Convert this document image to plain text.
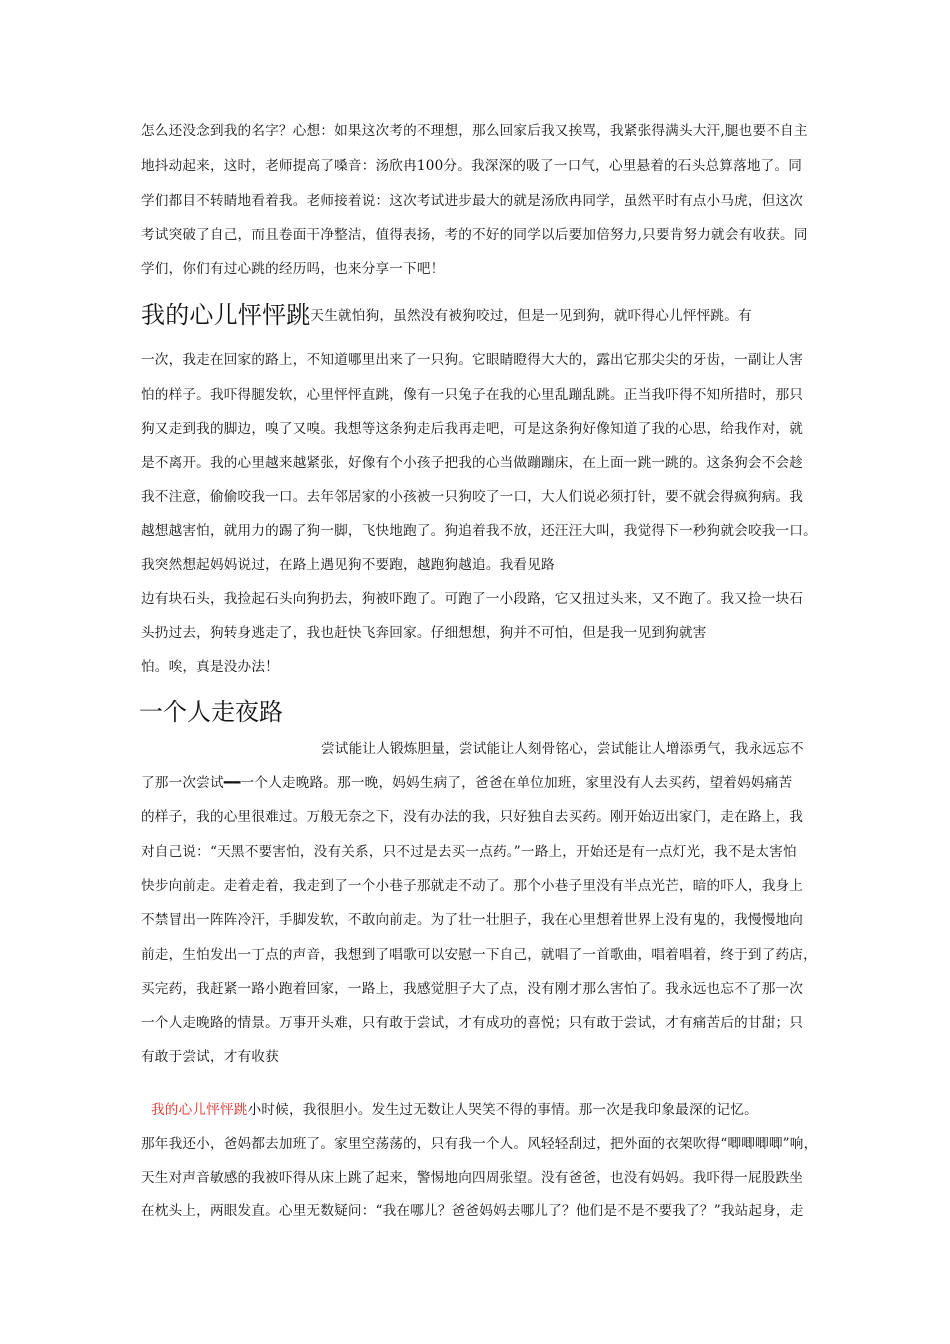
怎么还没念到我的名字？心想：如果这次考的不理想，那么回家后我又挨骂，我紧张得满头大汗,腿也要不自主
地抖动起来，这时，老师提高了嗓音：汤欣冉100分。我深深的吸了一口气，心里悬着的石头总算落地了。同
学们都目不转睛地看着我。老师接着说：这次考试进步最大的就是汤欣冉同学，虽然平时有点小马虎，但这次
考试突破了自己，而且卷面干净整洁，值得表扬，考的不好的同学以后要加倍努力,只要肯努力就会有收获。同
学们，你们有过心跳的经历吗，也来分享一下吧！
我的心儿怦怦跳天生就怕狗，虽然没有被狗咬过，但是一见到狗，就吓得心儿怦怦跳。有
一次，我走在回家的路上，不知道哪里出来了一只狗。它眼睛瞪得大大的，露出它那尖尖的牙齿，一副让人害
怕的样子。我吓得腿发软，心里怦怦直跳，像有一只兔子在我的心里乱蹦乱跳。正当我吓得不知所措时，那只
狗又走到我的脚边，嗅了又嗅。我想等这条狗走后我再走吧，可是这条狗好像知道了我的心思，给我作对，就
是不离开。我的心里越来越紧张，好像有个小孩子把我的心当做蹦蹦床，在上面一跳一跳的。这条狗会不会趁
我不注意，偷偷咬我一口。去年邻居家的小孩被一只狗咬了一口，大人们说必须打针，要不就会得疯狗病。我
越想越害怕，就用力的踢了狗一脚，飞快地跑了。狗追着我不放，还汪汪大叫，我觉得下一秒狗就会咬我一口。
我突然想起妈妈说过，在路上遇见狗不要跑，越跑狗越追。我看见路
边有块石头，我捡起石头向狗扔去，狗被吓跑了。可跑了一小段路，它又扭过头来，又不跑了。我又捡一块石
头扔过去，狗转身逃走了，我也赶快飞奔回家。仔细想想，狗并不可怕，但是我一见到狗就害
怕。唉，真是没办法！
一个人走夜路
尝试能让人锻炼胆量，尝试能让人刻骨铭心，尝试能让人增添勇气，我永远忘不
了那一次尝试━━一个人走晚路。那一晚，妈妈生病了，爸爸在单位加班，家里没有人去买药，望着妈妈痛苦
的样子，我的心里很难过。万般无奈之下，没有办法的我，只好独自去买药。刚开始迈出家门，走在路上，我
对自己说：“天黑不要害怕，没有关系，只不过是去买一点药。”一路上，开始还是有一点灯光，我不是太害怕
快步向前走。走着走着，我走到了一个小巷子那就走不动了。那个小巷子里没有半点光芒，暗的吓人，我身上
不禁冒出一阵阵冷汗，手脚发软，不敢向前走。为了壮一壮胆子，我在心里想着世界上没有鬼的，我慢慢地向
前走，生怕发出一丁点的声音，我想到了唱歌可以安慰一下自己，就唱了一首歌曲，唱着唱着，终于到了药店，
买完药，我赶紧一路小跑着回家，一路上，我感觉胆子大了点，没有刚才那么害怕了。我永远也忘不了那一次
一个人走晚路的情景。万事开头难，只有敢于尝试，才有成功的喜悦；只有敢于尝试，才有痛苦后的甘甜；只
有敢于尝试，才有收获
我的心儿怦怦跳小时候，我很胆小。发生过无数让人哭笑不得的事情。那一次是我印象最深的记忆。
那年我还小，爸妈都去加班了。家里空荡荡的，只有我一个人。风轻轻刮过，把外面的衣架吹得“唧唧唧唧”响，
天生对声音敏感的我被吓得从床上跳了起来，警惕地向四周张望。没有爸爸，也没有妈妈。我吓得一屁股跌坐
在枕头上，两眼发直。心里无数疑问：“我在哪儿？爸爸妈妈去哪儿了？他们是不是不要我了？”我站起身，走
